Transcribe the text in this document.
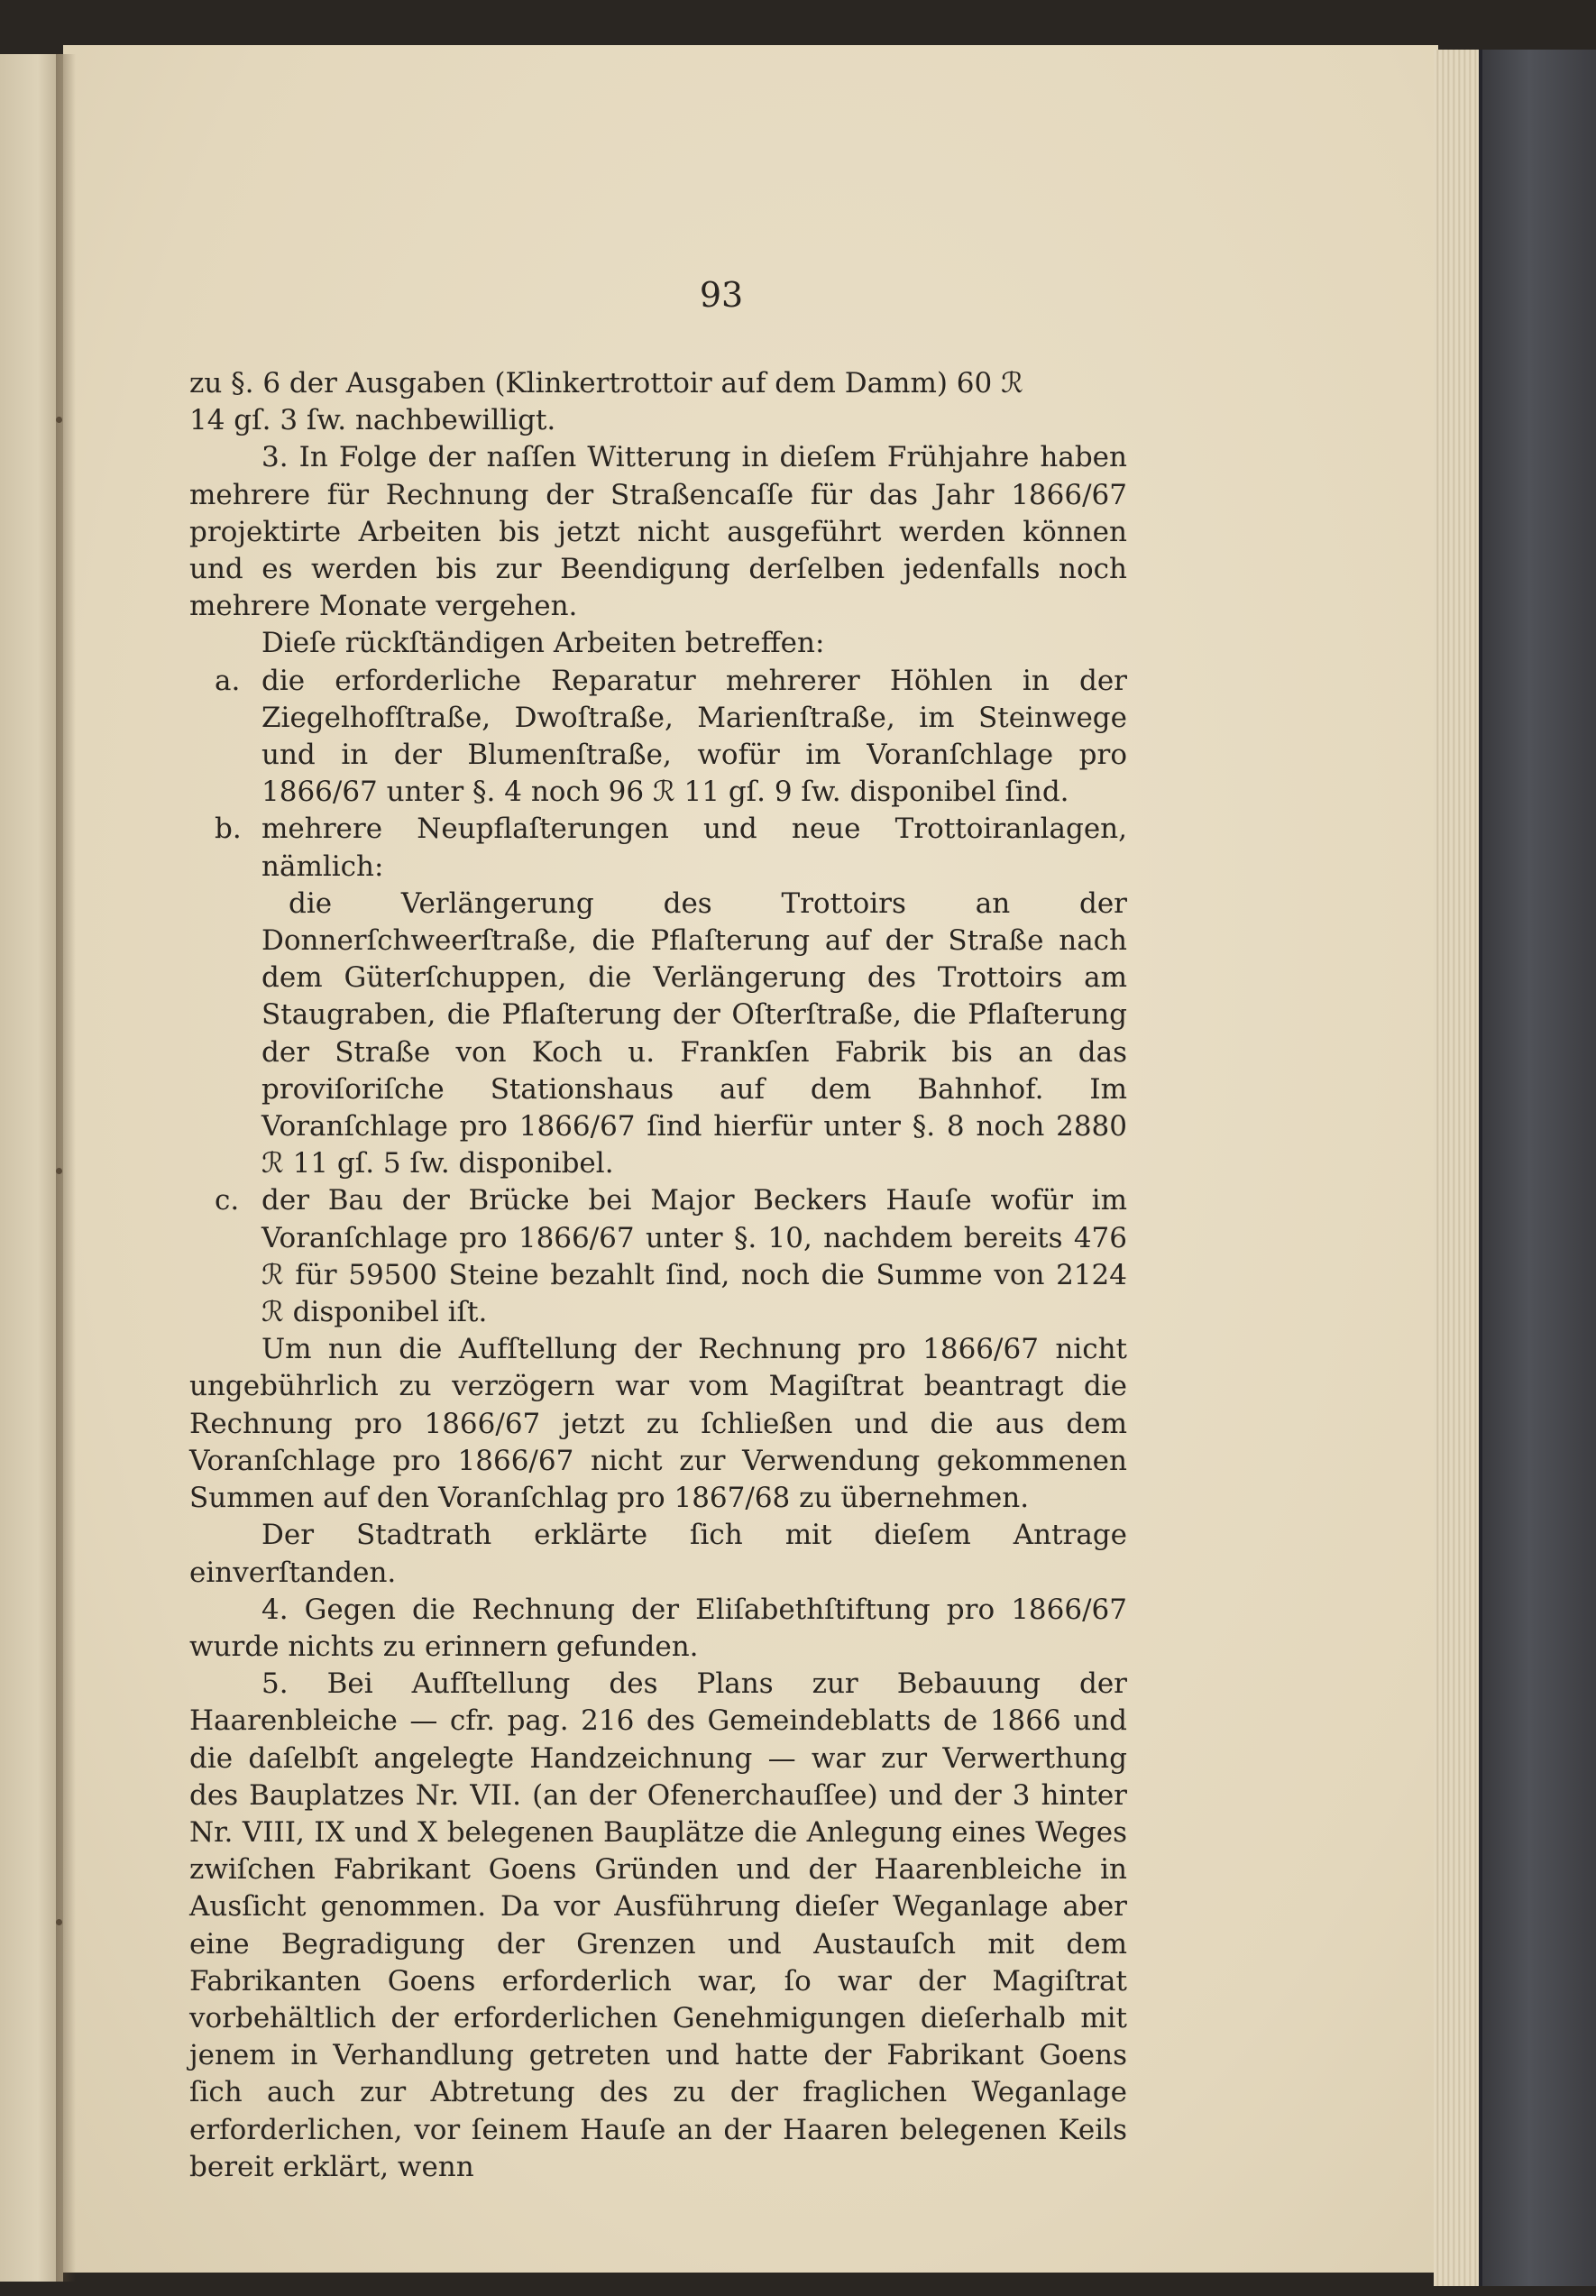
93

zu §. 6 der Ausgaben (Klinkertrottoir auf dem Damm) 60 ℛ

14 gſ. 3 ſw. nachbewilligt.

3. In Folge der naſſen Witterung in dieſem Frühjahre haben mehrere für Rechnung der Straßencaſſe für das Jahr 1866/67 projektirte Arbeiten bis jetzt nicht ausgeführt werden können und es werden bis zur Beendigung derſelben jedenfalls noch mehrere Monate vergehen.

Dieſe rückſtändigen Arbeiten betreffen:

a. die erforderliche Reparatur mehrerer Höhlen in der Ziegelhofſtraße, Dwoſtraße, Marienſtraße, im Steinwege und in der Blumenſtraße, wofür im Voranſchlage pro 1866/67 unter §. 4 noch 96 ℛ 11 gſ. 9 ſw. disponibel ſind.

b. mehrere Neupflaſterungen und neue Trottoiranlagen, nämlich:

die Verlängerung des Trottoirs an der Donnerſchweerſtraße, die Pflaſterung auf der Straße nach dem Güterſchuppen, die Verlängerung des Trottoirs am Staugraben, die Pflaſterung der Oſterſtraße, die Pflaſterung der Straße von Koch u. Frankſen Fabrik bis an das proviſoriſche Stationshaus auf dem Bahnhof. Im Voranſchlage pro 1866/67 ſind hierfür unter §. 8 noch 2880 ℛ 11 gſ. 5 ſw. disponibel.

c. der Bau der Brücke bei Major Beckers Hauſe wofür im Voranſchlage pro 1866/67 unter §. 10, nachdem bereits 476 ℛ für 59500 Steine bezahlt ſind, noch die Summe von 2124 ℛ disponibel iſt.

Um nun die Aufſtellung der Rechnung pro 1866/67 nicht ungebührlich zu verzögern war vom Magiſtrat beantragt die Rechnung pro 1866/67 jetzt zu ſchließen und die aus dem Voranſchlage pro 1866/67 nicht zur Verwendung gekommenen Summen auf den Voranſchlag pro 1867/68 zu übernehmen.

Der Stadtrath erklärte ſich mit dieſem Antrage einverſtanden.

4. Gegen die Rechnung der Eliſabethſtiftung pro 1866/67 wurde nichts zu erinnern gefunden.

5. Bei Aufſtellung des Plans zur Bebauung der Haarenbleiche — cfr. pag. 216 des Gemeindeblatts de 1866 und die daſelbſt angelegte Handzeichnung — war zur Verwerthung des Bauplatzes Nr. VII. (an der Ofenerchauſſee) und der 3 hinter Nr. VIII, IX und X belegenen Bauplätze die Anlegung eines Weges zwiſchen Fabrikant Goens Gründen und der Haarenbleiche in Ausſicht genommen. Da vor Ausführung dieſer Weganlage aber eine Begradigung der Grenzen und Austauſch mit dem Fabrikanten Goens erforderlich war, ſo war der Magiſtrat vorbehältlich der erforderlichen Genehmigungen dieſerhalb mit jenem in Verhandlung getreten und hatte der Fabrikant Goens ſich auch zur Abtretung des zu der fraglichen Weganlage erforderlichen, vor ſeinem Hauſe an der Haaren belegenen Keils bereit erklärt, wenn
